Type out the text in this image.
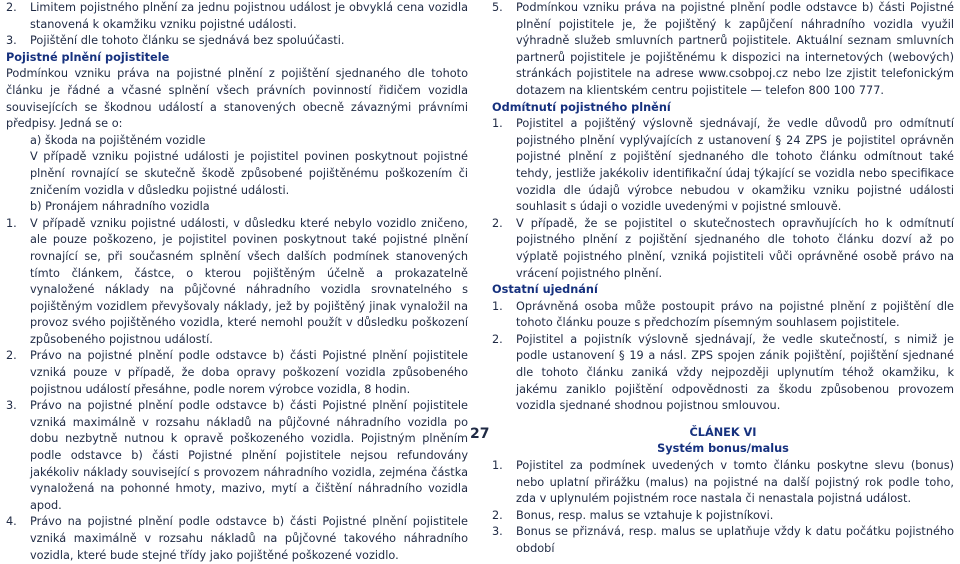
2.	Limitem pojistného plnění za jednu pojistnou událost je obvyklá cena vozidla stanovená k okamžiku vzniku pojistné události.
3.	Pojištění dle tohoto článku se sjednává bez spoluúčasti.
Pojistné plnění pojistitele
Podmínkou vzniku práva na pojistné plnění z pojištění sjednaného dle tohoto článku je řádné a včasné splnění všech právních povinností řidičem vozidla souvisejících se škodnou událostí a stanovených obecně závaznými právními předpisy. Jedná se o:
a) škoda na pojištěném vozidle
V případě vzniku pojistné události je pojistitel povinen poskytnout pojistné plnění rovnající se skutečně škodě způsobené pojištěnému poškozením či zničením vozidla v důsledku pojistné události.
b) Pronájem náhradního vozidla
1.	V případě vzniku pojistné události, v důsledku které nebylo vozidlo zničeno, ale pouze poškozeno, je pojistitel povinen poskytnout také pojistné plnění rovnající se, při současném splnění všech dalších podmínek stanovených tímto článkem, částce, o kterou pojištěným účelně a prokazatelně vynaložené náklady na půjčovné náhradního vozidla srovnatelného s pojištěným vozidlem převyšovaly náklady, jež by pojištěný jinak vynaložil na provoz svého pojištěného vozidla, které nemohl použít v důsledku poškození způsobeného pojistnou událostí.
2.	Právo na pojistné plnění podle odstavce b) části Pojistné plnění pojistitele vzniká pouze v případě, že doba opravy poškození vozidla způsobeného pojistnou událostí přesáhne, podle norem výrobce vozidla, 8 hodin.
3.	Právo na pojistné plnění podle odstavce b) části Pojistné plnění pojistitele vzniká maximálně v rozsahu nákladů na půjčovné náhradního vozidla po dobu nezbytně nutnou k opravě poškozeného vozidla. Pojistným plněním podle odstavce b) části Pojistné plnění pojistitele nejsou refundovány jakékoliv náklady související s provozem náhradního vozidla, zejména částka vynaložená na pohonné hmoty, mazivo, mytí a čištění náhradního vozidla apod.
4.	Právo na pojistné plnění podle odstavce b) části Pojistné plnění pojistitele vzniká maximálně v rozsahu nákladů na půjčovné takového náhradního vozidla, které bude stejné třídy jako pojištěné poškozené vozidlo.
5.	Podmínkou vzniku práva na pojistné plnění podle odstavce b) části Pojistné plnění pojistitele je, že pojištěný k zapůjčení náhradního vozidla využil výhradně služeb smluvních partnerů pojistitele. Aktuální seznam smluvních partnerů pojistitele je pojištěnému k dispozici na internetových (webových) stránkách pojistitele na adrese www.csobpoj.cz nebo lze zjistit telefonickým dotazem na klientském centru pojistitele — telefon 800 100 777.
Odmítnutí pojistného plnění
1.	Pojistitel a pojištěný výslovně sjednávají, že vedle důvodů pro odmítnutí pojistného plnění vyplývajících z ustanovení § 24 ZPS je pojistitel oprávněn pojistné plnění z pojištění sjednaného dle tohoto článku odmítnout také tehdy, jestliže jakékoliv identifikační údaj týkající se vozidla nebo specifikace vozidla dle údajů výrobce nebudou v okamžiku vzniku pojistné události souhlasit s údaji o vozidle uvedenými v pojistné smlouvě.
2.	V případě, že se pojistitel o skutečnostech opravňujících ho k odmítnutí pojistného plnění z pojištění sjednaného dle tohoto článku dozví až po výplatě pojistného plnění, vzniká pojistiteli vůči oprávněné osobě právo na vrácení pojistného plnění.
Ostatní ujednání
1.	Oprávněná osoba může postoupit právo na pojistné plnění z pojištění dle tohoto článku pouze s předchozím písemným souhlasem pojistitele.
2.	Pojistitel a pojistník výslovně sjednávají, že vedle skutečností, s nimiž je podle ustanovení § 19 a násl. ZPS spojen zánik pojištění, pojištění sjednané dle tohoto článku zaniká vždy nejpozději uplynutím téhož okamžiku, k jakému zaniklo pojištění odpovědnosti za škodu způsobenou provozem vozidla sjednané shodnou pojistnou smlouvou.
ČLÁNEK VI
Systém bonus/malus
1.	Pojistitel za podmínek uvedených v tomto článku poskytne slevu (bonus) nebo uplatní přirážku (malus) na pojistné na další pojistný rok podle toho, zda v uplynulém pojistném roce nastala či nenastala pojistná událost.
2.	Bonus, resp. malus se vztahuje k pojistníkovi.
3.	Bonus se přiznává, resp. malus se uplatňuje vždy k datu počátku pojistného období
27
